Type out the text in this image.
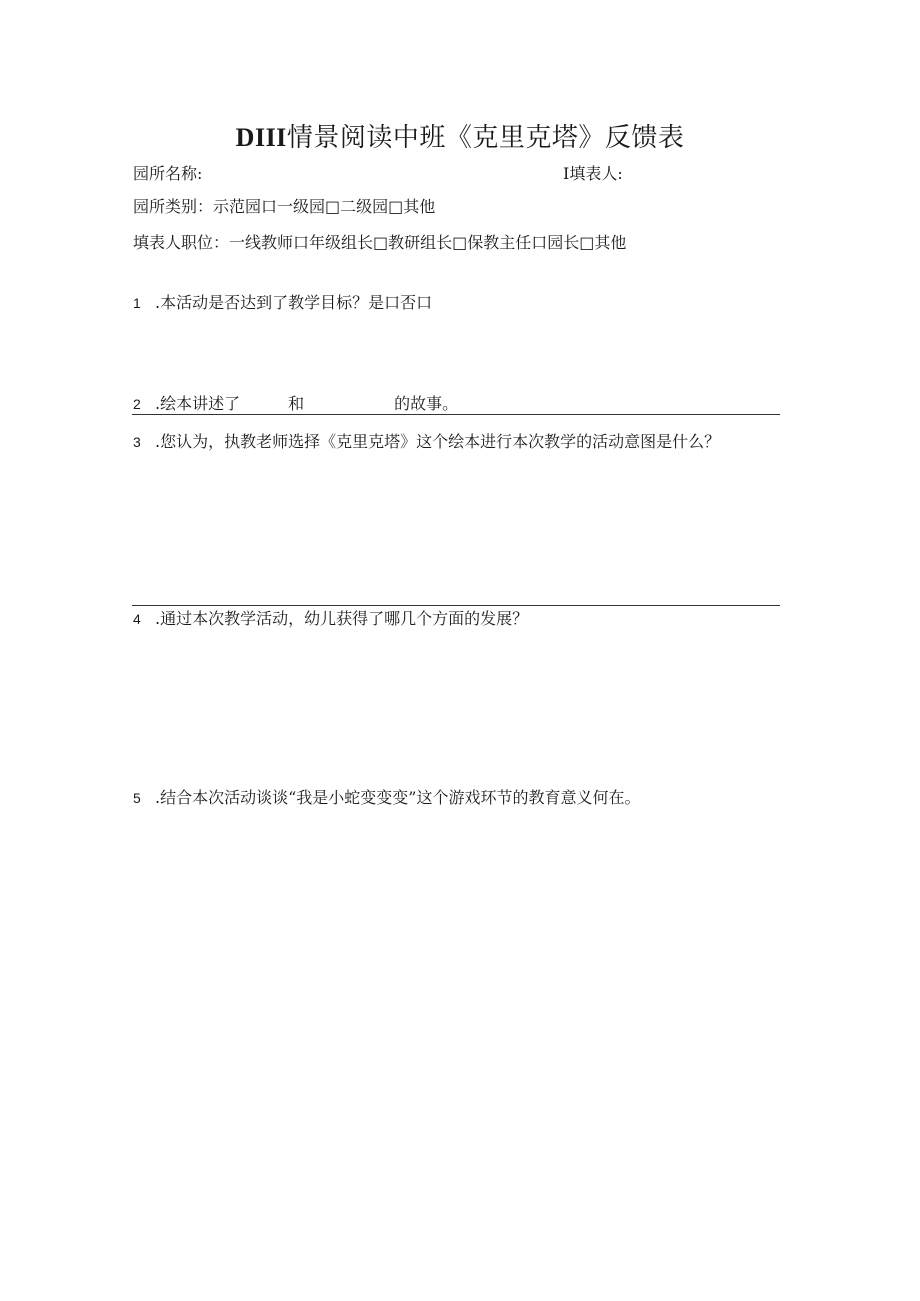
DIII情景阅读中班《克里克塔》反馈表
园所名称:	I填表人:
园所类别：示范园口一级园□二级园□其他
填表人职位：一线教师口年级组长□教研组长□保教主任口园长□其他
1 .本活动是否达到了教学目标？是口否口
2 .绘本讲述了	和	的故事。
3 .您认为，执教老师选择《克里克塔》这个绘本进行本次教学的活动意图是什么？
4 .通过本次教学活动，幼儿获得了哪几个方面的发展？
5 .结合本次活动谈谈“我是小蛇变变变”这个游戏环节的教育意义何在。
